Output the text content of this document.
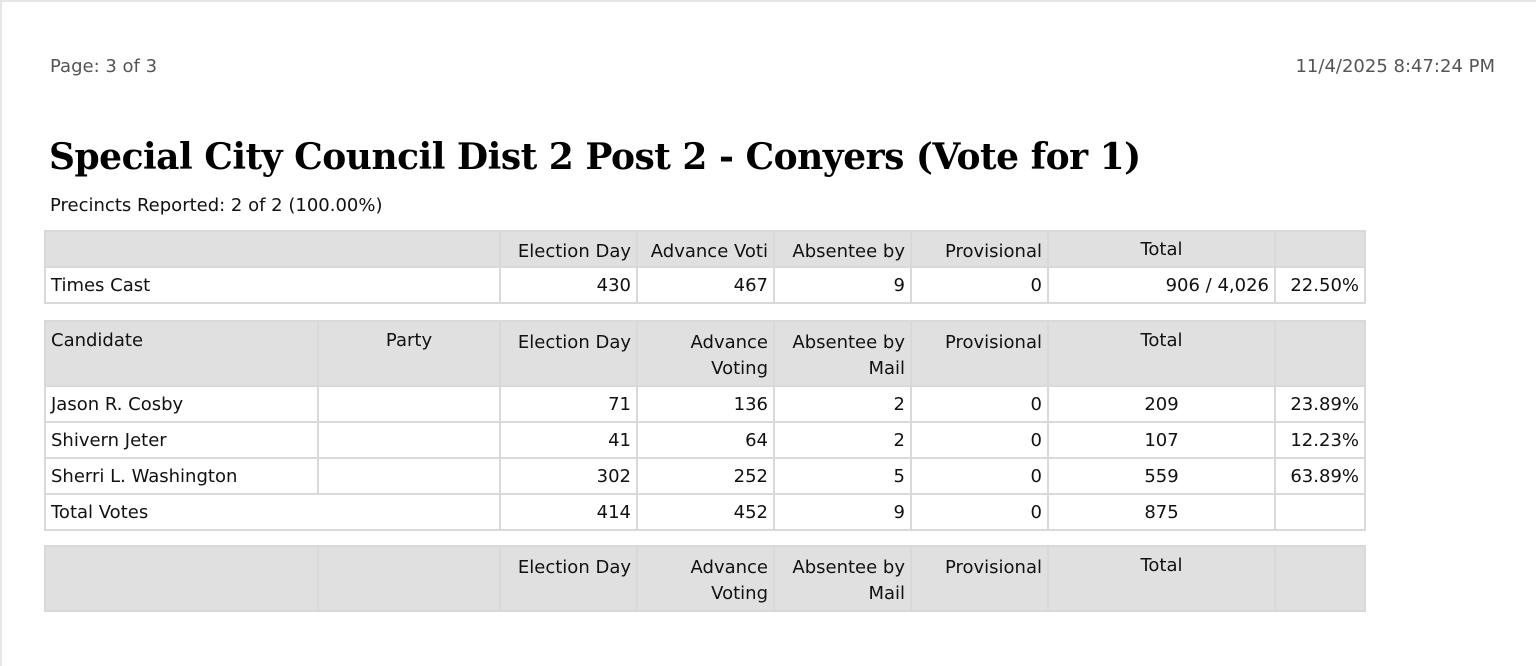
Page: 3 of 3	11/4/2025 8:47:24 PM
Special City Council Dist 2 Post 2 - Conyers (Vote for 1)
Precincts Reported: 2 of 2 (100.00%)
	Election Day	Advance Voti	Absentee by	Provisional	Total	
Times Cast	430	467	9	0	906 / 4,026	22.50%
Candidate	Party	Election Day	Advance Voting	Absentee by Mail	Provisional	Total	
Jason R. Cosby		71	136	2	0	209	23.89%
Shivern Jeter		41	64	2	0	107	12.23%
Sherri L. Washington		302	252	5	0	559	63.89%
Total Votes		414	452	9	0	875	
		Election Day	Advance Voting	Absentee by Mail	Provisional	Total	
